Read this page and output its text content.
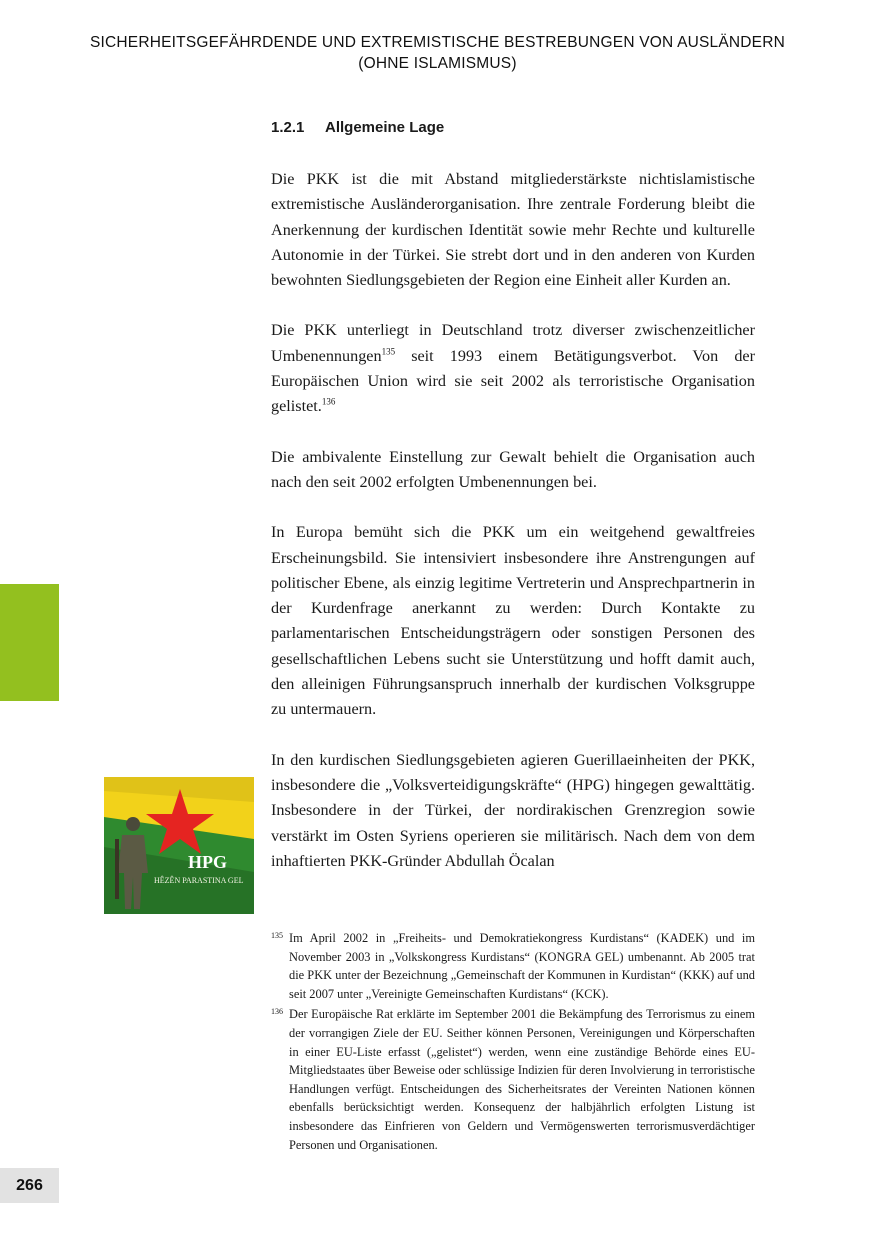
SICHERHEITSGEFÄHRDENDE UND EXTREMISTISCHE BESTREBUNGEN VON AUSLÄNDERN
(OHNE ISLAMISMUS)
1.2.1 Allgemeine Lage

Die PKK ist die mit Abstand mitgliederstärkste nichtislamistische extremistische Ausländerorganisation. Ihre zentrale Forderung bleibt die Anerkennung der kurdischen Identität sowie mehr Rechte und kulturelle Autonomie in der Türkei. Sie strebt dort und in den anderen von Kurden bewohnten Siedlungsgebieten der Region eine Einheit aller Kurden an.

Die PKK unterliegt in Deutschland trotz diverser zwischenzeitlicher Umbenennungen$^{135}$ seit 1993 einem Betätigungsverbot. Von der Europäischen Union wird sie seit 2002 als terroristische Organisation gelistet.$^{136}$

Die ambivalente Einstellung zur Gewalt behielt die Organisation auch nach den seit 2002 erfolgten Umbenennungen bei.

In Europa bemüht sich die PKK um ein weitgehend gewaltfreies Erscheinungsbild. Sie intensiviert insbesondere ihre Anstrengungen auf politischer Ebene, als einzig legitime Vertreterin und Ansprechpartnerin in der Kurdenfrage anerkannt zu werden: Durch Kontakte zu parlamentarischen Entscheidungsträgern oder sonstigen Personen des gesellschaftlichen Lebens sucht sie Unterstützung und hofft damit auch, den alleinigen Führungsanspruch innerhalb der kurdischen Volksgruppe zu untermauern.

In den kurdischen Siedlungsgebieten agieren Guerillaeinheiten der PKK, insbesondere die „Volksverteidigungskräfte“ (HPG) hingegen gewalttätig. Insbesondere in der Türkei, der nordirakischen Grenzregion sowie verstärkt im Osten Syriens operieren sie militärisch. Nach dem von dem inhaftierten PKK-Gründer Abdullah Öcalan

HPG
HÊZÊN PARASTINA GEL
135 Im April 2002 in „Freiheits- und Demokratiekongress Kurdistans“ (KADEK) und im November 2003 in „Volkskongress Kurdistans“ (KONGRA GEL) umbenannt. Ab 2005 trat die PKK unter der Bezeichnung „Gemeinschaft der Kommunen in Kurdistan“ (KKK) auf und seit 2007 unter „Vereinigte Gemeinschaften Kurdistans“ (KCK).
136 Der Europäische Rat erklärte im September 2001 die Bekämpfung des Terrorismus zu einem der vorrangigen Ziele der EU. Seither können Personen, Vereinigungen und Körperschaften in einer EU-Liste erfasst („gelistet“) werden, wenn eine zuständige Behörde eines EU-Mitgliedstaates über Beweise oder schlüssige Indizien für deren Involvierung in terroristische Handlungen verfügt. Entscheidungen des Sicherheitsrates der Vereinten Nationen können ebenfalls berücksichtigt werden. Konsequenz der halbjährlich erfolgten Listung ist insbesondere das Einfrieren von Geldern und Vermögenswerten terrorismusverdächtiger Personen und Organisationen.
266
